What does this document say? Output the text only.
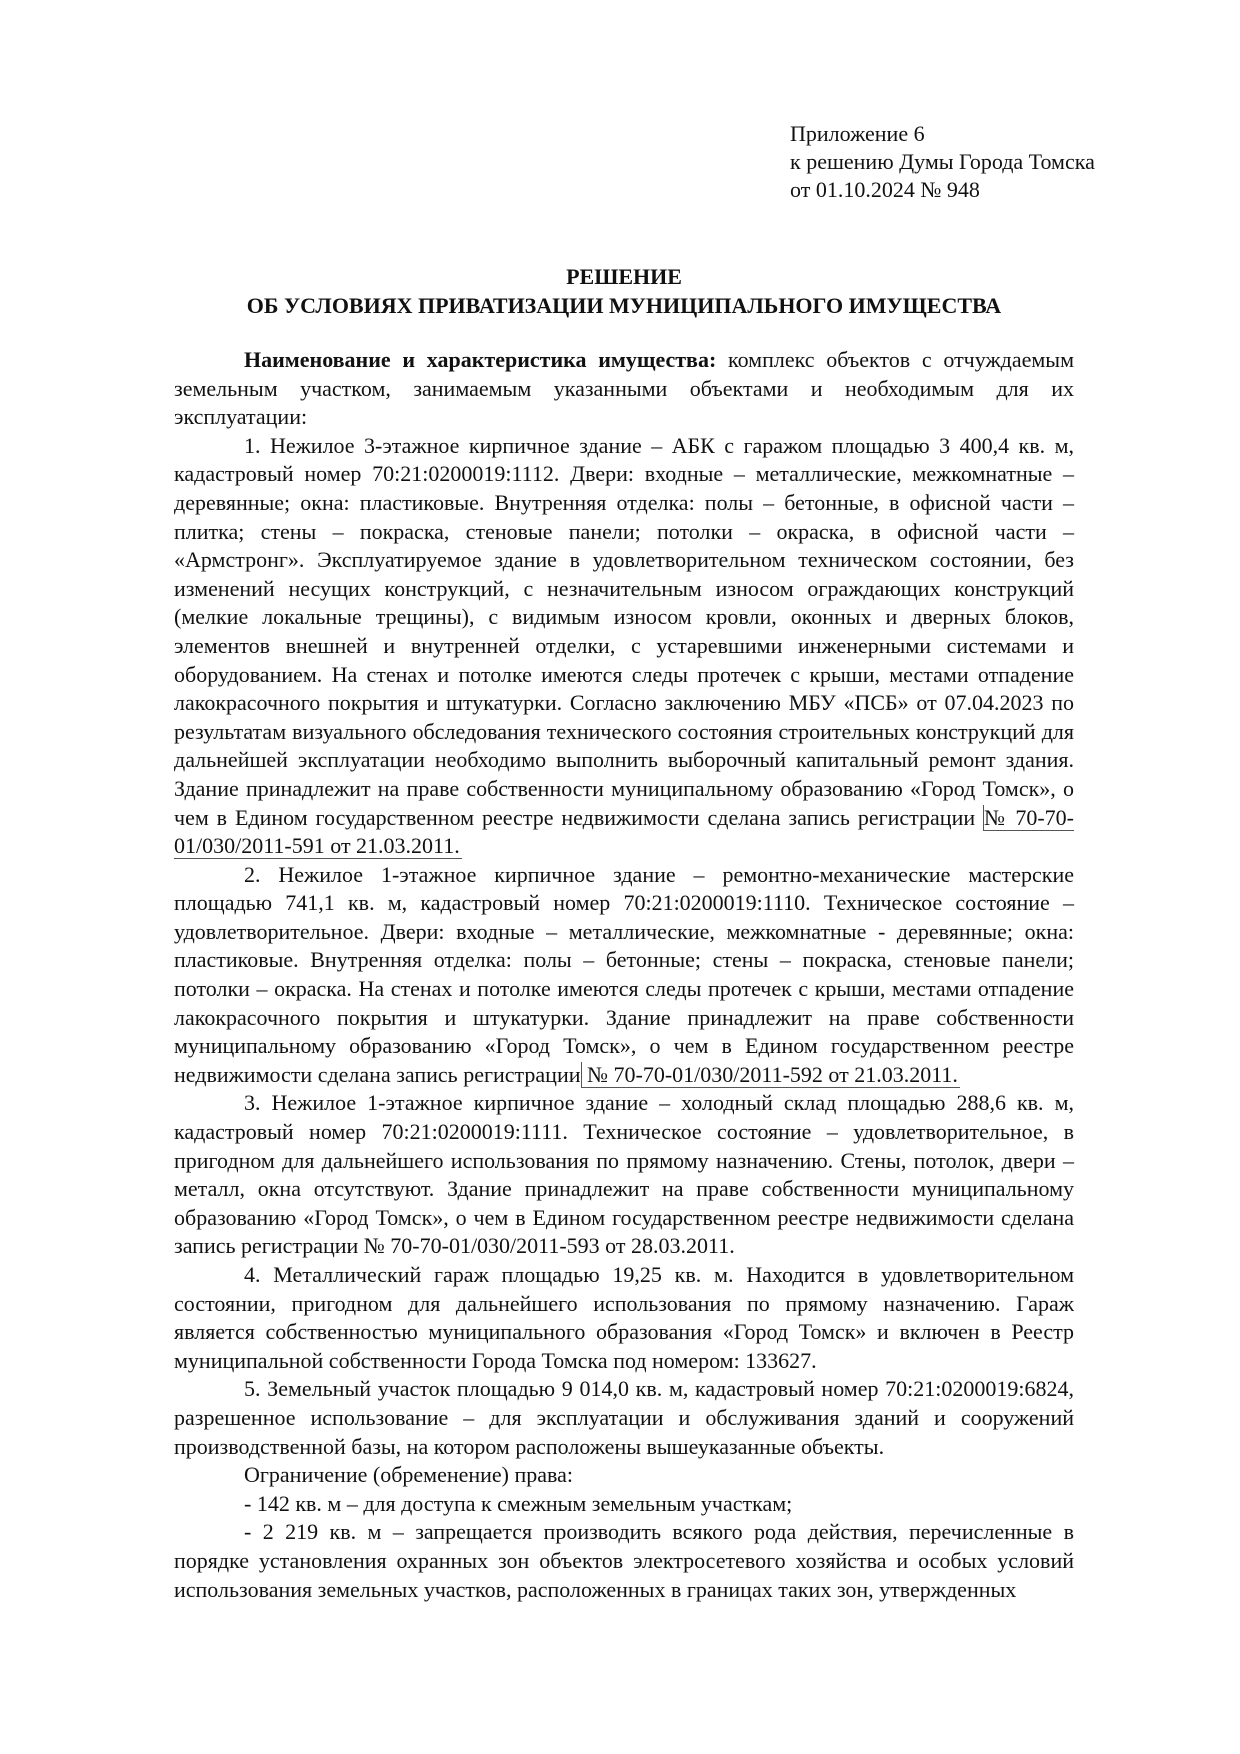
Приложение 6
к решению Думы Города Томска
от 01.10.2024 № 948
РЕШЕНИЕ
ОБ УСЛОВИЯХ ПРИВАТИЗАЦИИ МУНИЦИПАЛЬНОГО ИМУЩЕСТВА

Наименование и характеристика имущества: комплекс объектов с отчуждаемым земельным участком, занимаемым указанными объектами и необходимым для их эксплуатации:

1. Нежилое 3-этажное кирпичное здание – АБК с гаражом площадью 3 400,4 кв. м, кадастровый номер 70:21:0200019:1112. Двери: входные – металлические, межкомнатные – деревянные; окна: пластиковые. Внутренняя отделка: полы – бетонные, в офисной части – плитка; стены – покраска, стеновые панели; потолки – окраска, в офисной части – «Армстронг». Эксплуатируемое здание в удовлетворительном техническом состоянии, без изменений несущих конструкций, с незначительным износом ограждающих конструкций (мелкие локальные трещины), с видимым износом кровли, оконных и дверных блоков, элементов внешней и внутренней отделки, с устаревшими инженерными системами и оборудованием. На стенах и потолке имеются следы протечек с крыши, местами отпадение лакокрасочного покрытия и штукатурки. Согласно заключению МБУ «ПСБ» от 07.04.2023 по результатам визуального обследования технического состояния строительных конструкций для дальнейшей эксплуатации необходимо выполнить выборочный капитальный ремонт здания. Здание принадлежит на праве собственности муниципальному образованию «Город Томск», о чем в Едином государственном реестре недвижимости сделана запись регистрации № 70-70-01/030/2011-591 от 21.03.2011.

2. Нежилое 1-этажное кирпичное здание – ремонтно-механические мастерские площадью 741,1 кв. м, кадастровый номер 70:21:0200019:1110. Техническое состояние – удовлетворительное. Двери: входные – металлические, межкомнатные - деревянные; окна: пластиковые. Внутренняя отделка: полы – бетонные; стены – покраска, стеновые панели; потолки – окраска. На стенах и потолке имеются следы протечек с крыши, местами отпадение лакокрасочного покрытия и штукатурки. Здание принадлежит на праве собственности муниципальному образованию «Город Томск», о чем в Едином государственном реестре недвижимости сделана запись регистрации № 70-70-01/030/2011-592 от 21.03.2011.

3. Нежилое 1-этажное кирпичное здание – холодный склад площадью 288,6 кв. м, кадастровый номер 70:21:0200019:1111. Техническое состояние – удовлетворительное, в пригодном для дальнейшего использования по прямому назначению. Стены, потолок, двери – металл, окна отсутствуют. Здание принадлежит на праве собственности муниципальному образованию «Город Томск», о чем в Едином государственном реестре недвижимости сделана запись регистрации № 70-70-01/030/2011-593 от 28.03.2011.

4. Металлический гараж площадью 19,25 кв. м. Находится в удовлетворительном состоянии, пригодном для дальнейшего использования по прямому назначению. Гараж является собственностью муниципального образования «Город Томск» и включен в Реестр муниципальной собственности Города Томска под номером: 133627.

5. Земельный участок площадью 9 014,0 кв. м, кадастровый номер 70:21:0200019:6824, разрешенное использование – для эксплуатации и обслуживания зданий и сооружений производственной базы, на котором расположены вышеуказанные объекты.

Ограничение (обременение) права:

- 142 кв. м – для доступа к смежным земельным участкам;

- 2 219 кв. м – запрещается производить всякого рода действия, перечисленные в порядке установления охранных зон объектов электросетевого хозяйства и особых условий использования земельных участков, расположенных в границах таких зон, утвержденных
